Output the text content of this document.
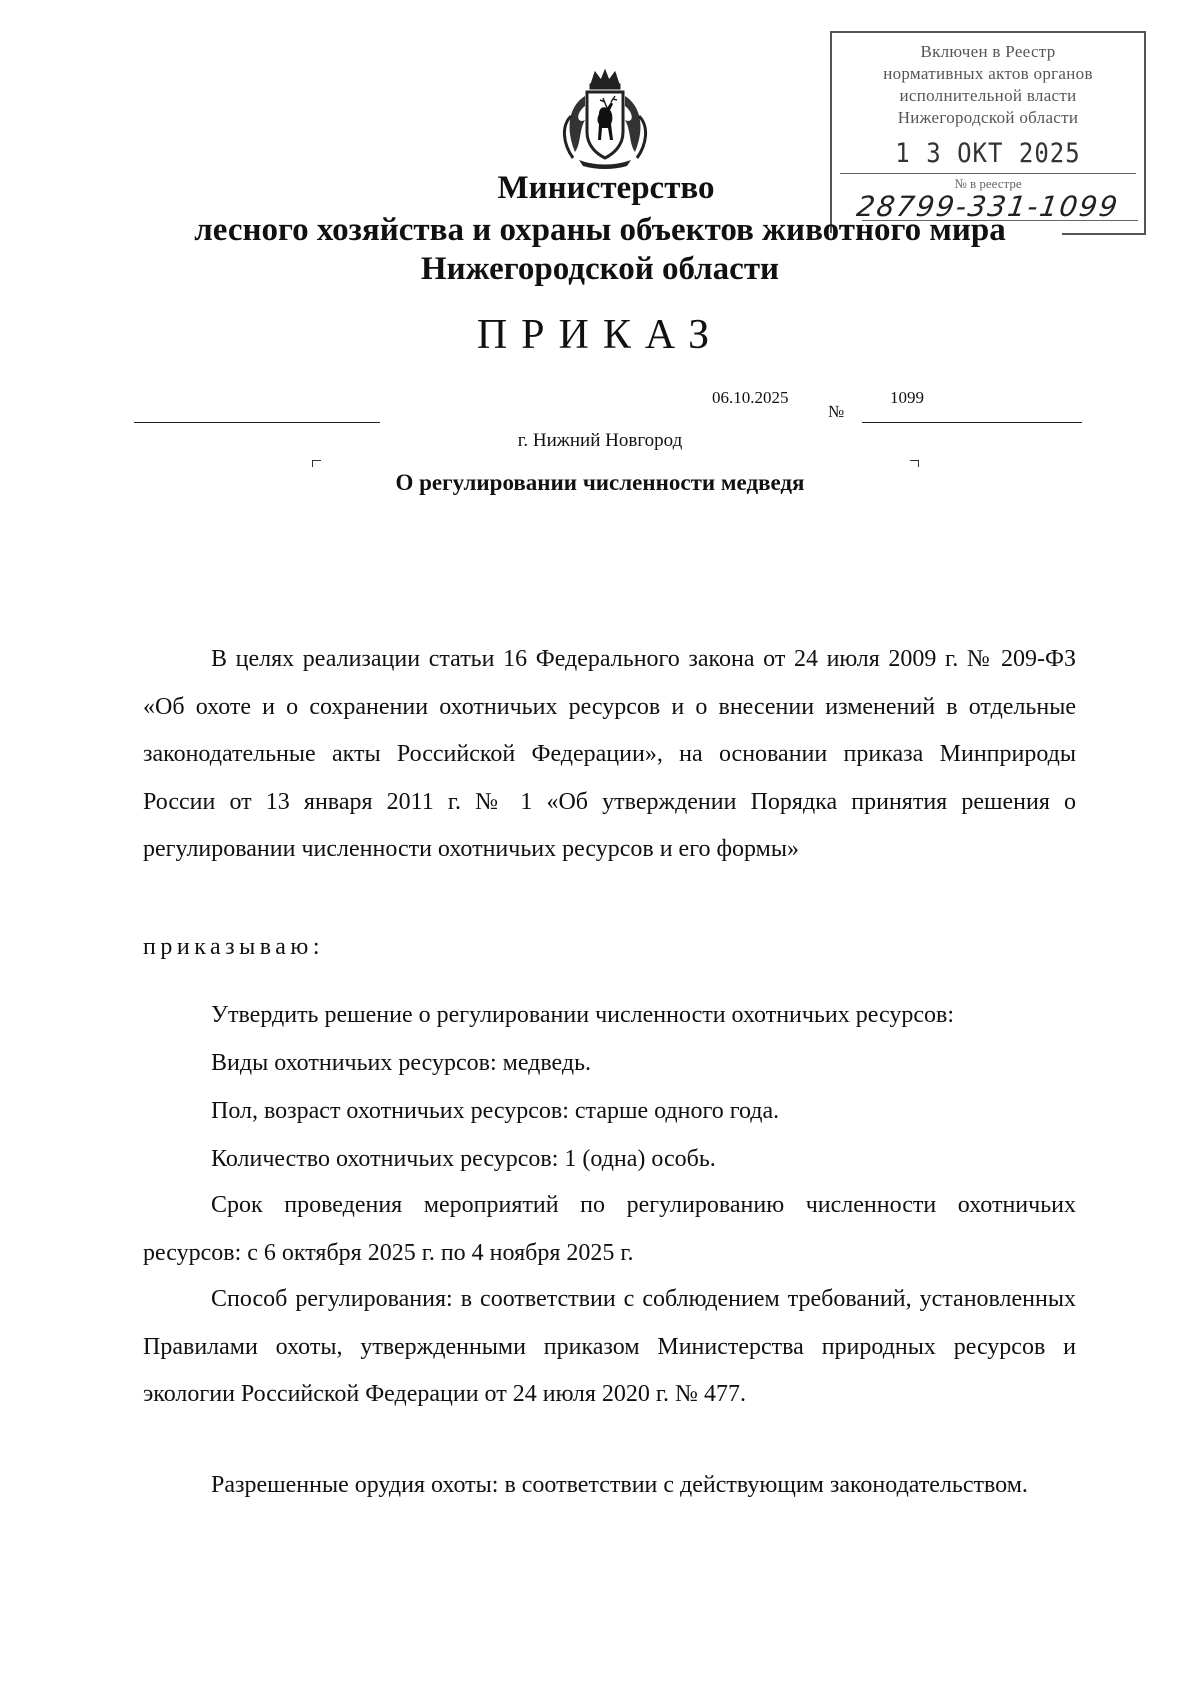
Включен в Реестр
нормативных актов органов
исполнительной власти
Нижегородской области
1 3 ОКТ 2025
№ в реестре
28799-331-1099
Министерство
лесного хозяйства и охраны объектов животного мира
Нижегородской области
ПРИКАЗ
06.10.2025
№
1099
г. Нижний Новгород
О регулировании численности медведя

В целях реализации статьи 16 Федерального закона от 24 июля 2009 г. № 209-ФЗ «Об охоте и о сохранении охотничьих ресурсов и о внесении изменений в отдельные законодательные акты Российской Федерации», на основании приказа Минприроды России от 13 января 2011 г. № 1 «Об утверждении Порядка принятия решения о регулировании численности охотничьих ресурсов и его формы»

приказываю:

Утвердить решение о регулировании численности охотничьих ресурсов:

Виды охотничьих ресурсов: медведь.

Пол, возраст охотничьих ресурсов: старше одного года.

Количество охотничьих ресурсов: 1 (одна) особь.

Срок проведения мероприятий по регулированию численности охотничьих ресурсов: с 6 октября 2025 г. по 4 ноября 2025 г.

Способ регулирования: в соответствии с соблюдением требований, установленных Правилами охоты, утвержденными приказом Министерства природных ресурсов и экологии Российской Федерации от 24 июля 2020 г. № 477.

Разрешенные орудия охоты: в соответствии с действующим законодательством.
